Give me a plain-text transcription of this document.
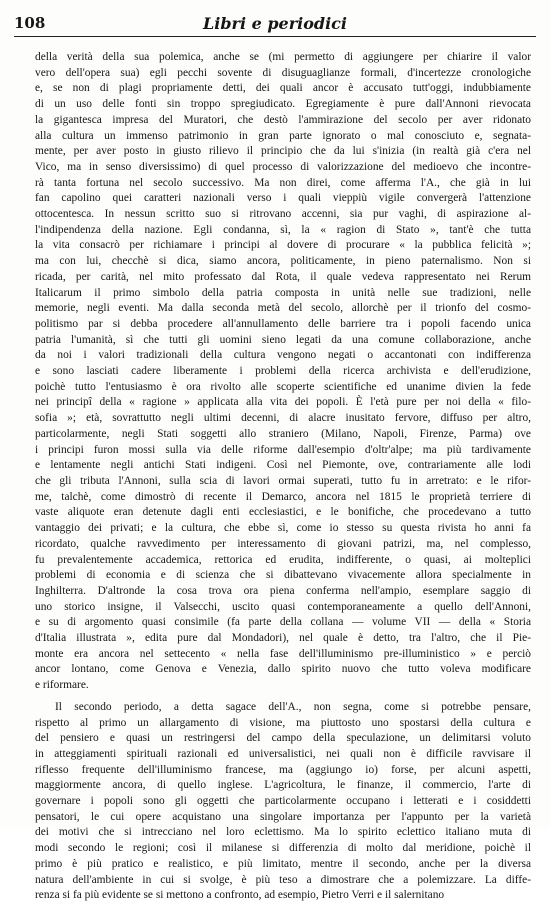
108	Libri e periodici
della verità della sua polemica, anche se (mi permetto di aggiungere per chiarire il valor
vero dell'opera sua) egli pecchi sovente di disuguaglianze formali, d'incertezze cronologiche
e, se non di plagi propriamente detti, dei quali ancor è accusato tutt'oggi, indubbiamente
di un uso delle fonti sin troppo spregiudicato. Egregiamente è pure dall'Annoni rievocata
la gigantesca impresa del Muratori, che destò l'ammirazione del secolo per aver ridonato
alla cultura un immenso patrimonio in gran parte ignorato o mal conosciuto e, segnata-
mente, per aver posto in giusto rilievo il principio che da lui s'inizia (in realtà già c'era nel
Vico, ma in senso diversissimo) di quel processo di valorizzazione del medioevo che incontre-
rà tanta fortuna nel secolo successivo. Ma non direi, come afferma l'A., che già in lui
fan capolino quei caratteri nazionali verso i quali vieppiù vigile convergerà l'attenzione
ottocentesca. In nessun scritto suo si ritrovano accenni, sia pur vaghi, di aspirazione al-
l'indipendenza della nazione. Egli condanna, sì, la « ragion di Stato », tant'è che tutta
la vita consacrò per richiamare i principi al dovere di procurare « la pubblica felicità »;
ma con lui, checchè si dica, siamo ancora, politicamente, in pieno paternalismo. Non si
ricada, per carità, nel mito professato dal Rota, il quale vedeva rappresentato nei Rerum
Italicarum il primo simbolo della patria composta in unità nelle sue tradizioni, nelle
memorie, negli eventi. Ma dalla seconda metà del secolo, allorchè per il trionfo del cosmo-
politismo par si debba procedere all'annullamento delle barriere tra i popoli facendo unica
patria l'umanità, sì che tutti gli uomini sieno legati da una comune collaborazione, anche
da noi i valori tradizionali della cultura vengono negati o accantonati con indifferenza
e sono lasciati cadere liberamente i problemi della ricerca archivista e dell'erudizione,
poichè tutto l'entusiasmo è ora rivolto alle scoperte scientifiche ed unanime divien la fede
nei principî della « ragione » applicata alla vita dei popoli. È l'età pure per noi della « filo-
sofia »; età, sovrattutto negli ultimi decenni, di alacre inusitato fervore, diffuso per altro,
particolarmente, negli Stati soggetti allo straniero (Milano, Napoli, Firenze, Parma) ove
i principi furon mossi sulla via delle riforme dall'esempio d'oltr'alpe; ma più tardivamente
e lentamente negli antichi Stati indigeni. Così nel Piemonte, ove, contrariamente alle lodi
che gli tributa l'Annoni, sulla scia di lavori ormai superati, tutto fu in arretrato: e le rifor-
me, talchè, come dimostrò di recente il Demarco, ancora nel 1815 le proprietà terriere di
vaste aliquote eran detenute dagli enti ecclesiastici, e le bonifiche, che procedevano a tutto
vantaggio dei privati; e la cultura, che ebbe sì, come io stesso su questa rivista ho anni fa
ricordato, qualche ravvedimento per interessamento di giovani patrizi, ma, nel complesso,
fu prevalentemente accademica, rettorica ed erudita, indifferente, o quasi, ai molteplici
problemi di economia e di scienza che si dibattevano vivacemente allora specialmente in
Inghilterra. D'altronde la cosa trova ora piena conferma nell'ampio, esemplare saggio di
uno storico insigne, il Valsecchi, uscito quasi contemporaneamente a quello dell'Annoni,
e su di argomento quasi consimile (fa parte della collana — volume VII — della « Storia
d'Italia illustrata », edita pure dal Mondadori), nel quale è detto, tra l'altro, che il Pie-
monte era ancora nel settecento « nella fase dell'illuminismo pre-illuministico » e perciò
ancor lontano, come Genova e Venezia, dallo spirito nuovo che tutto voleva modificare
e riformare.
Il secondo periodo, a detta sagace dell'A., non segna, come si potrebbe pensare,
rispetto al primo un allargamento di visione, ma piuttosto uno spostarsi della cultura e
del pensiero e quasi un restringersi del campo della speculazione, un delimitarsi voluto
in atteggiamenti spirituali razionali ed universalistici, nei quali non è difficile ravvisare il
riflesso frequente dell'illuminismo francese, ma (aggiungo io) forse, per alcuni aspetti,
maggiormente ancora, di quello inglese. L'agricoltura, le finanze, il commercio, l'arte di
governare i popoli sono gli oggetti che particolarmente occupano i letterati e i cosiddetti
pensatori, le cui opere acquistano una singolare importanza per l'appunto per la varietà
dei motivi che si intrecciano nel loro eclettismo. Ma lo spirito eclettico italiano muta di
modi secondo le regioni; così il milanese si differenzia di molto dal meridione, poichè il
primo è più pratico e realistico, e più limitato, mentre il secondo, anche per la diversa
natura dell'ambiente in cui si svolge, è più teso a dimostrare che a polemizzare. La diffe-
renza si fa più evidente se si mettono a confronto, ad esempio, Pietro Verri e il salernitano
